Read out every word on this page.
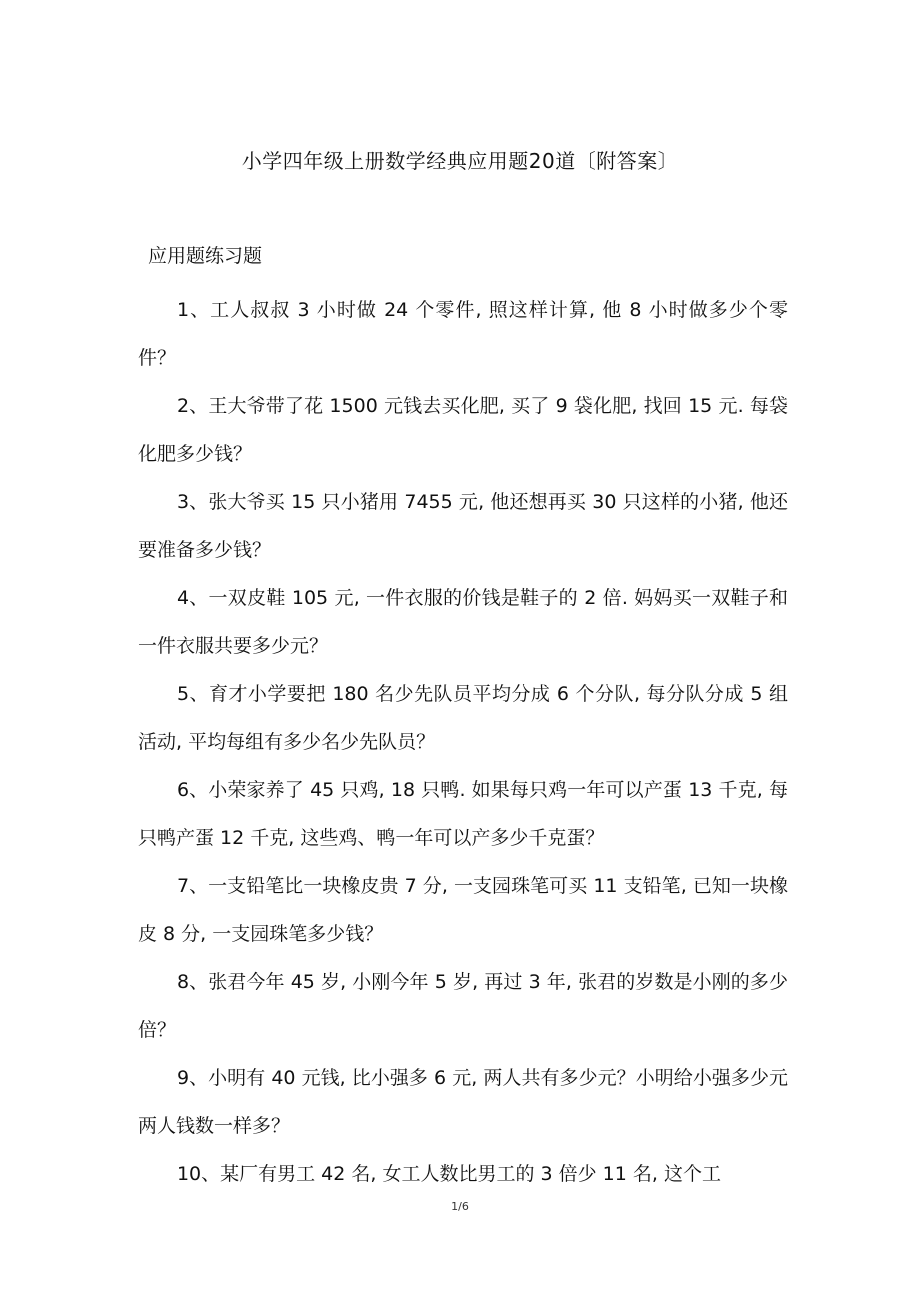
小学四年级上册数学经典应用题20道〔附答案〕
应用题练习题
1、工人叔叔 3 小时做 24 个零件, 照这样计算, 他 8 小时做多少个零件？
2、王大爷带了花 1500 元钱去买化肥, 买了 9 袋化肥, 找回 15 元. 每袋化肥多少钱？
3、张大爷买 15 只小猪用 7455 元, 他还想再买 30 只这样的小猪, 他还要准备多少钱？
4、一双皮鞋 105 元, 一件衣服的价钱是鞋子的 2 倍. 妈妈买一双鞋子和一件衣服共要多少元？
5、育才小学要把 180 名少先队员平均分成 6 个分队, 每分队分成 5 组活动, 平均每组有多少名少先队员？
6、小荣家养了 45 只鸡, 18 只鸭. 如果每只鸡一年可以产蛋 13 千克, 每只鸭产蛋 12 千克, 这些鸡、鸭一年可以产多少千克蛋？
7、一支铅笔比一块橡皮贵 7 分, 一支园珠笔可买 11 支铅笔, 已知一块橡皮 8 分, 一支园珠笔多少钱？
8、张君今年 45 岁, 小刚今年 5 岁, 再过 3 年, 张君的岁数是小刚的多少倍？
9、小明有 40 元钱, 比小强多 6 元, 两人共有多少元？小明给小强多少元两人钱数一样多？
10、某厂有男工 42 名, 女工人数比男工的 3 倍少 11 名, 这个工
1/6
